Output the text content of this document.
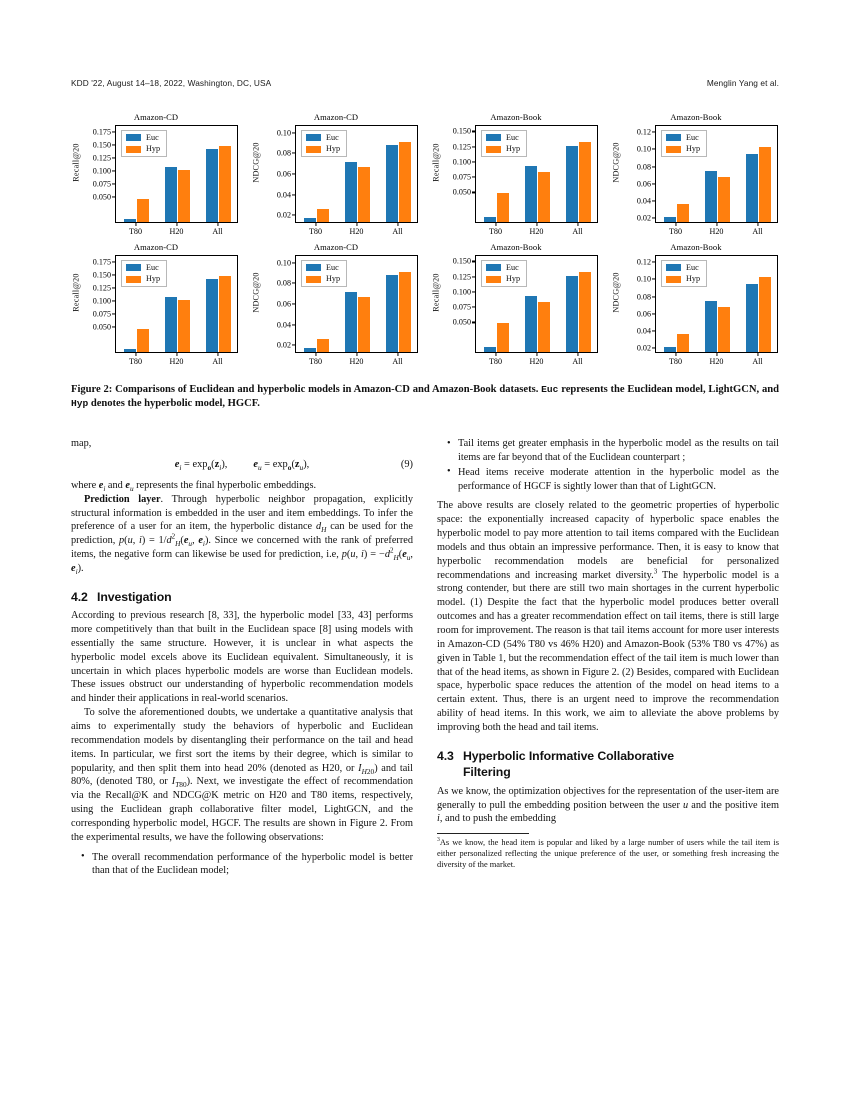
KDD '22, August 14–18, 2022, Washington, DC, USA	Menglin Yang et al.
Amazon-CD
Recall@20
Euc
Hyp
0.050
0.075
0.100
0.125
0.150
0.175
T80	H20	All
Amazon-CD
NDCG@20
Euc
Hyp
0.02
0.04
0.06
0.08
0.10
T80	H20	All
Amazon-Book
Recall@20
Euc
Hyp
0.050
0.075
0.100
0.125
0.150
T80	H20	All
Amazon-Book
NDCG@20
Euc
Hyp
0.02
0.04
0.06
0.08
0.10
0.12
T80	H20	All
Amazon-CD
Recall@20
Euc
Hyp
0.050
0.075
0.100
0.125
0.150
0.175
T80	H20	All
Amazon-CD
NDCG@20
Euc
Hyp
0.02
0.04
0.06
0.08
0.10
T80	H20	All
Amazon-Book
Recall@20
Euc
Hyp
0.050
0.075
0.100
0.125
0.150
T80	H20	All
Amazon-Book
NDCG@20
Euc
Hyp
0.02
0.04
0.06
0.08
0.10
0.12
T80	H20	All
Figure 2: Comparisons of Euclidean and hyperbolic models in Amazon-CD and Amazon-Book datasets. Euc represents the Euclidean model, LightGCN, and Hyp denotes the hyperbolic model, HGCF.

map,

$e_i = \exp_o(z_i)$,	$e_u = \exp_o(z_u)$,	(9)

where $e_i$ and $e_u$ represents the final hyperbolic embeddings.

Prediction layer. Through hyperbolic neighbor propagation, explicitly structural information is embedded in the user and item embeddings. To infer the preference of a user for an item, the hyperbolic distance $d_H$ can be used for the prediction, p(u, $i) = 1/d^2_H(e_u$, $e_i$). Since we concerned with the rank of preferred items, the negative form can likewise be used for prediction, i.e, p(u, $i) = -d^2_H(e_u$, $e_i$).

4.2 Investigation

According to previous research [8, 33], the hyperbolic model [33, 43] performs more competitively than that built in the Euclidean space [8] using models with essentially the same structure. However, it is unclear in what aspects the hyperbolic model excels above its Euclidean equivalent. Simultaneously, it is uncertain in which places hyperbolic models are worse than Euclidean models. These issues obstruct our understanding of hyperbolic recommendation models and hinder their applications in real-world scenarios.

To solve the aforementioned doubts, we undertake a quantitative analysis that aims to experimentally study the behaviors of hyperbolic and Euclidean recommendation models by disentangling their performance on the tail and head items. In particular, we first sort the items by their degree, which is similar to popularity, and then split them into head 20% (denoted as H20, or $I_{H20}$) and tail 80%, (denoted T80, or $I_{T80}$). Next, we investigate the effect of recommendation via the Recall@K and NDCG@K metric on H20 and T80 items, respectively, using the Euclidean graph collaborative filter model, LightGCN, and the corresponding hyperbolic model, HGCF. The results are shown in Figure 2. From the experimental results, we have the following observations:

• The overall recommendation performance of the hyperbolic model is better than that of the Euclidean model;
• Tail items get greater emphasis in the hyperbolic model as the results on tail items are far beyond that of the Euclidean counterpart ;
• Head items receive moderate attention in the hyperbolic model as the performance of HGCF is sightly lower than that of LightGCN.

The above results are closely related to the geometric properties of hyperbolic space: the exponentially increased capacity of hyperbolic space enables the hyperbolic model to pay more attention to tail items compared with the Euclidean models and thus obtain an impressive performance. Then, it is easy to know that hyperbolic recommendation models are beneficial for personalized recommendations and increasing market diversity.$^3$ The hyperbolic model is a strong contender, but there are still two main shortages in the current hyperbolic model. (1) Despite the fact that the hyperbolic model produces better overall outcomes and has a greater recommendation effect on tail items, there is still large room for improvement. The reason is that tail items account for more user interests in Amazon-CD (54% T80 vs 46% H20) and Amazon-Book (53% T80 vs 47%) as given in Table 1, but the recommendation effect of the tail item is much lower than that of the head items, as shown in Figure 2. (2) Besides, compared with Euclidean space, hyperbolic space reduces the attention of the model on head items to a certain extent. Thus, there is an urgent need to improve the recommendation ability of head items. In this work, we aim to alleviate the above problems by improving both the head and tail items.

4.3 Hyperbolic Informative Collaborative
Filtering

As we know, the optimization objectives for the representation of the user-item are generally to pull the embedding position between the user u and the positive item i, and to push the embedding

$^3$As we know, the head item is popular and liked by a large number of users while the tail item is either personalized reflecting the unique preference of the user, or something fresh increasing the diversity of the market.
